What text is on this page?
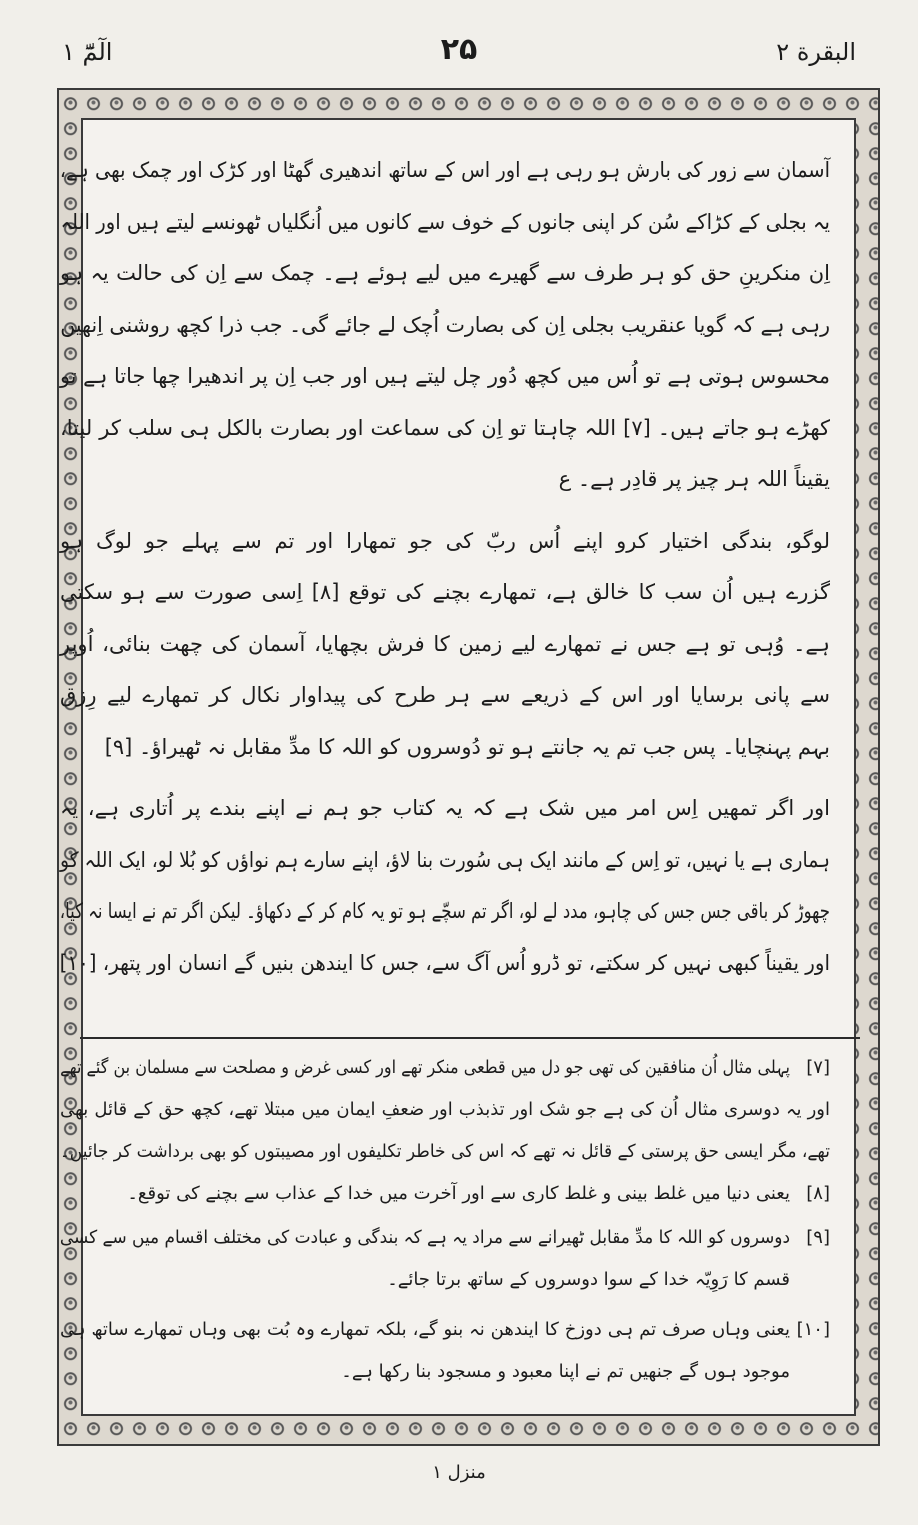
البقرة ۲
۲۵
الٓمّٓ ۱
آسمان سے زور کی بارش ہو رہی ہے اور اس کے ساتھ اندھیری گھٹا اور کڑک اور چمک بھی ہے،
یہ بجلی کے کڑاکے سُن کر اپنی جانوں کے خوف سے کانوں میں اُنگلیاں ٹھونسے لیتے ہیں اور اللہ
اِن منکرینِ حق کو ہر طرف سے گھیرے میں لیے ہوئے ہے۔ چمک سے اِن کی حالت یہ ہو
رہی ہے کہ گویا عنقریب بجلی اِن کی بصارت اُچک لے جائے گی۔ جب ذرا کچھ روشنی اِنھیں
محسوس ہوتی ہے تو اُس میں کچھ دُور چل لیتے ہیں اور جب اِن پر اندھیرا چھا جاتا ہے تو
کھڑے ہو جاتے ہیں۔ [۷] اللہ چاہتا تو اِن کی سماعت اور بصارت بالکل ہی سلب کر لیتا،
یقیناً اللہ ہر چیز پر قادِر ہے۔ ع
لوگو، بندگی اختیار کرو اپنے اُس ربّ کی جو تمھارا اور تم سے پہلے جو لوگ ہو
گزرے ہیں اُن سب کا خالق ہے، تمھارے بچنے کی توقع [۸] اِسی صورت سے ہو سکتی
ہے۔ وُہی تو ہے جس نے تمھارے لیے زمین کا فرش بچھایا، آسمان کی چھت بنائی، اُوپر
سے پانی برسایا اور اس کے ذریعے سے ہر طرح کی پیداوار نکال کر تمھارے لیے رِزق
بہم پہنچایا۔ پس جب تم یہ جانتے ہو تو دُوسروں کو اللہ کا مدِّ مقابل نہ ٹھیراؤ۔ [۹]
اور اگر تمھیں اِس امر میں شک ہے کہ یہ کتاب جو ہم نے اپنے بندے پر اُتاری ہے، یہ
ہماری ہے یا نہیں، تو اِس کے مانند ایک ہی سُورت بنا لاؤ، اپنے سارے ہم نواؤں کو بُلا لو، ایک اللہ کو
چھوڑ کر باقی جس جس کی چاہو، مدد لے لو، اگر تم سچّے ہو تو یہ کام کر کے دکھاؤ۔ لیکن اگر تم نے ایسا نہ کیا،
اور یقیناً کبھی نہیں کر سکتے، تو ڈرو اُس آگ سے، جس کا ایندھن بنیں گے انسان اور پتھر، [۱۰]
[۷]
پہلی مثال اُن منافقین کی تھی جو دل میں قطعی منکر تھے اور کسی غرض و مصلحت سے مسلمان بن گئے تھے
اور یہ دوسری مثال اُن کی ہے جو شک اور تذبذب اور ضعفِ ایمان میں مبتلا تھے، کچھ حق کے قائل بھی
تھے، مگر ایسی حق پرستی کے قائل نہ تھے کہ اس کی خاطر تکلیفوں اور مصیبتوں کو بھی برداشت کر جائیں۔
[۸]
یعنی دنیا میں غلط بینی و غلط کاری سے اور آخرت میں خدا کے عذاب سے بچنے کی توقع۔
[۹]
دوسروں کو اللہ کا مدِّ مقابل ٹھیرانے سے مراد یہ ہے کہ بندگی و عبادت کی مختلف اقسام میں سے کسی
قسم کا رَوِیّہ خدا کے سوا دوسروں کے ساتھ برتا جائے۔
[۱۰]
یعنی وہاں صرف تم ہی دوزخ کا ایندھن نہ بنو گے، بلکہ تمھارے وہ بُت بھی وہاں تمھارے ساتھ ہی
موجود ہوں گے جنھیں تم نے اپنا معبود و مسجود بنا رکھا ہے۔
منزل ۱
